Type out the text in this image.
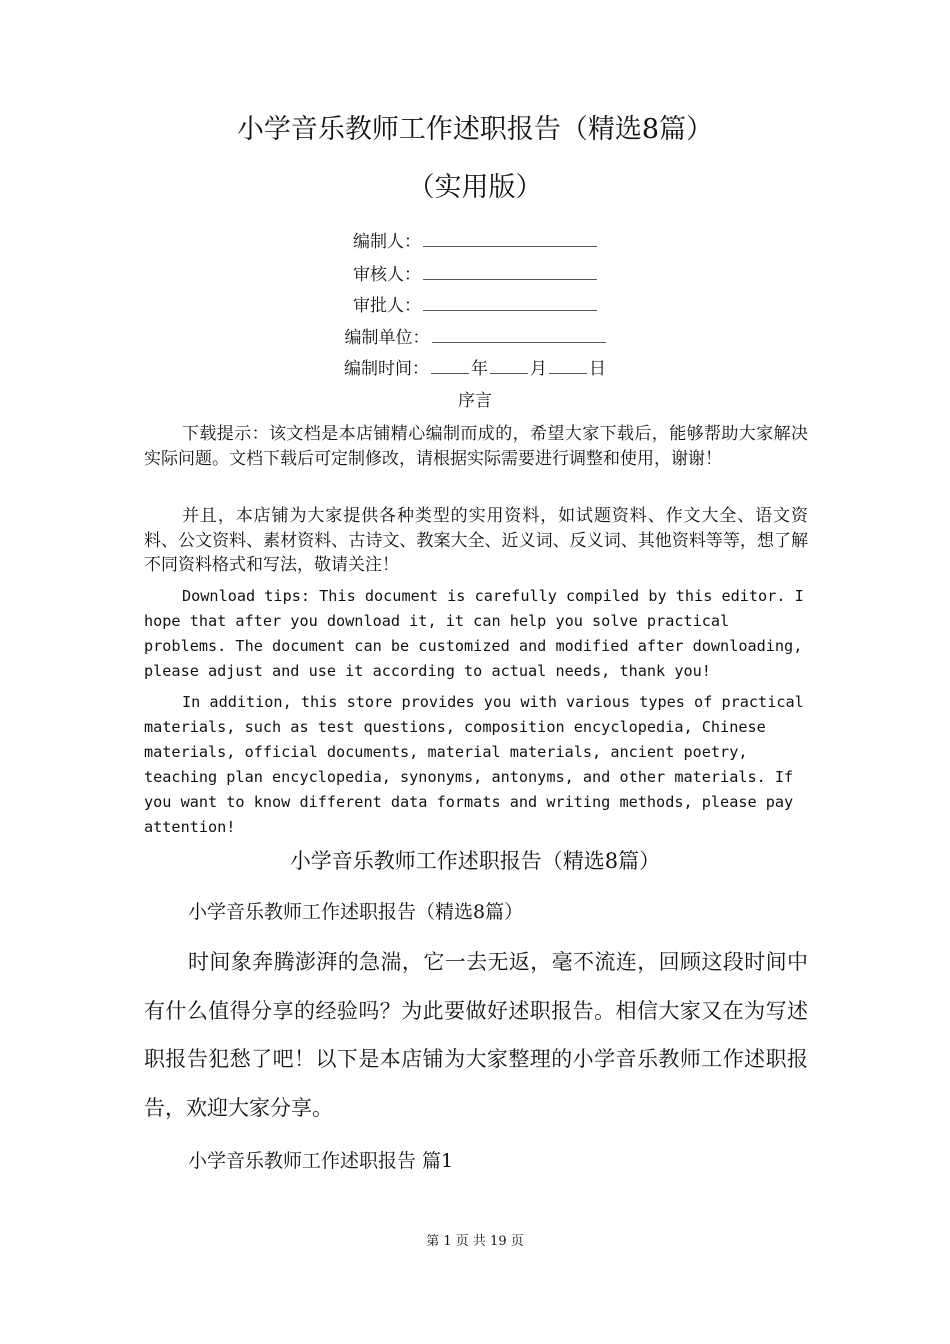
小学音乐教师工作述职报告（精选8篇）
（实用版）
编制人：
审核人：
审批人：
编制单位：
编制时间： 年 月 日
序言
下载提示：该文档是本店铺精心编制而成的，希望大家下载后，能够帮助大家解决实际问题。文档下载后可定制修改，请根据实际需要进行调整和使用，谢谢！
并且，本店铺为大家提供各种类型的实用资料，如试题资料、作文大全、语文资料、公文资料、素材资料、古诗文、教案大全、近义词、反义词、其他资料等等，想了解不同资料格式和写法，敬请关注！
Download tips: This document is carefully compiled by this editor. I hope that after you download it, it can help you solve practical problems. The document can be customized and modified after downloading, please adjust and use it according to actual needs, thank you!
In addition, this store provides you with various types of practical materials, such as test questions, composition encyclopedia, Chinese materials, official documents, material materials, ancient poetry, teaching plan encyclopedia, synonyms, antonyms, and other materials. If you want to know different data formats and writing methods, please pay attention!
小学音乐教师工作述职报告（精选8篇）
小学音乐教师工作述职报告（精选8篇）
时间象奔腾澎湃的急湍，它一去无返，毫不流连，回顾这段时间中有什么值得分享的经验吗？为此要做好述职报告。相信大家又在为写述职报告犯愁了吧！以下是本店铺为大家整理的小学音乐教师工作述职报告，欢迎大家分享。
小学音乐教师工作述职报告 篇1
第 1 页 共 19 页
